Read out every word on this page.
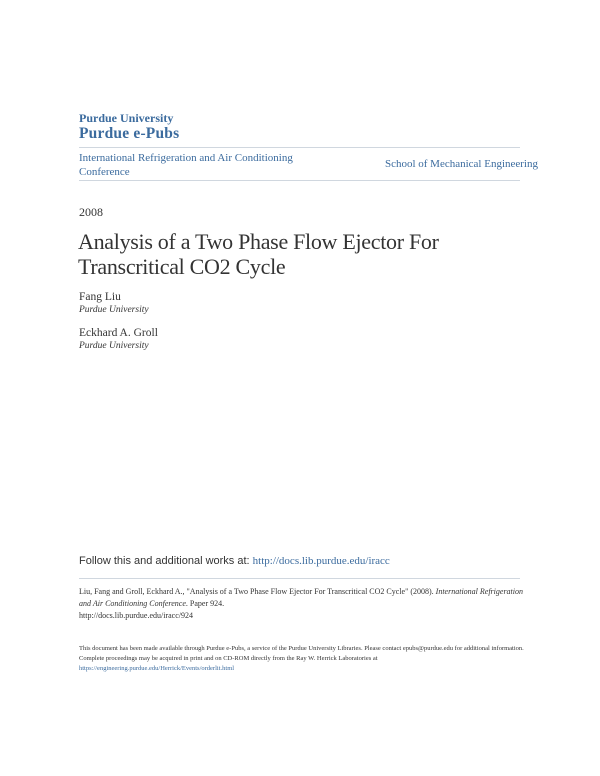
Purdue University
Purdue e-Pubs
International Refrigeration and Air Conditioning Conference
School of Mechanical Engineering
2008
Analysis of a Two Phase Flow Ejector For Transcritical CO2 Cycle
Fang Liu
Purdue University
Eckhard A. Groll
Purdue University
Follow this and additional works at: http://docs.lib.purdue.edu/iracc
Liu, Fang and Groll, Eckhard A., "Analysis of a Two Phase Flow Ejector For Transcritical CO2 Cycle" (2008). International Refrigeration and Air Conditioning Conference. Paper 924.
http://docs.lib.purdue.edu/iracc/924
This document has been made available through Purdue e-Pubs, a service of the Purdue University Libraries. Please contact epubs@purdue.edu for additional information.
Complete proceedings may be acquired in print and on CD-ROM directly from the Ray W. Herrick Laboratories at https://engineering.purdue.edu/Herrick/Events/orderlit.html
